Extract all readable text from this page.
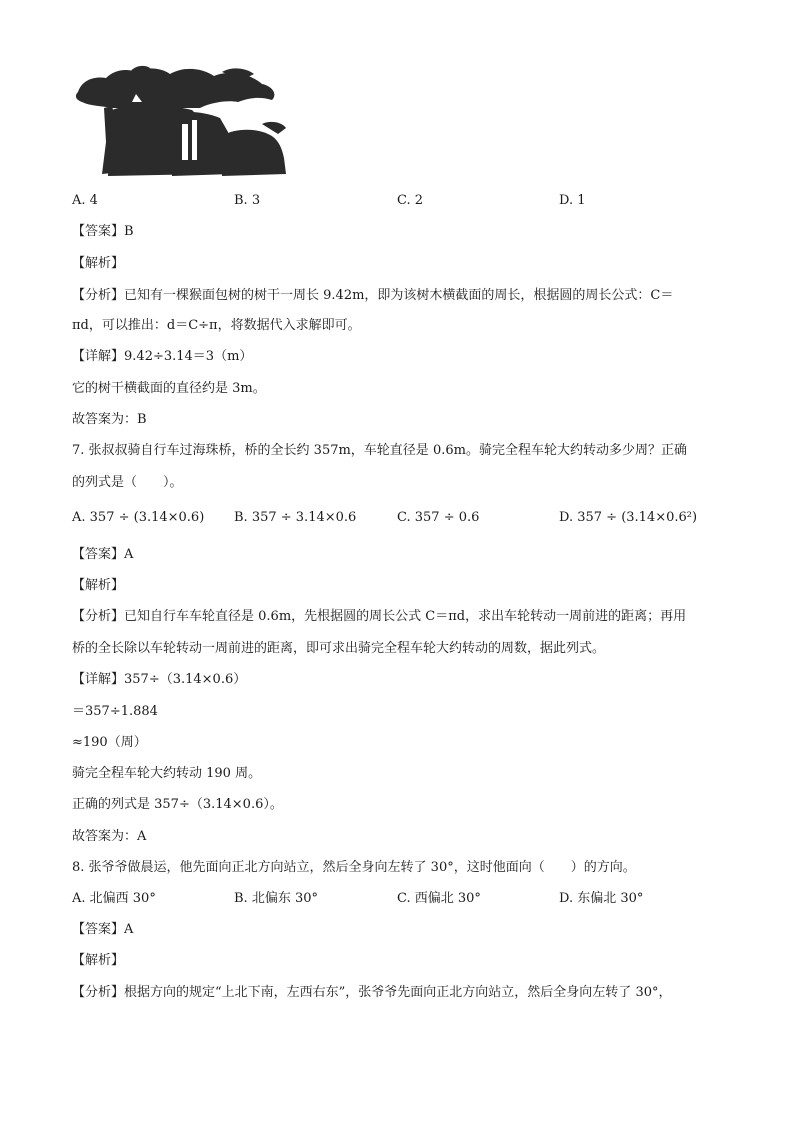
A. 4	B. 3	C. 2	D. 1

【答案】B

【解析】

【分析】已知有一棵猴面包树的树干一周长 9.42m，即为该树木横截面的周长，根据圆的周长公式：C＝

πd，可以推出：d＝C÷π，将数据代入求解即可。

【详解】9.42÷3.14＝3（m）

它的树干横截面的直径约是 3m。

故答案为：B

7. 张叔叔骑自行车过海珠桥，桥的全长约 357m，车轮直径是 0.6m。骑完全程车轮大约转动多少周？正确

的列式是（　　）。

A. 357 ÷ (3.14×0.6) B. 357 ÷ 3.14×0.6	C. 357 ÷ 0.6	D. 357 ÷ (3.14×0.6²)

【答案】A

【解析】

【分析】已知自行车车轮直径是 0.6m，先根据圆的周长公式 C＝πd，求出车轮转动一周前进的距离；再用

桥的全长除以车轮转动一周前进的距离，即可求出骑完全程车轮大约转动的周数，据此列式。

【详解】357÷（3.14×0.6）

＝357÷1.884

≈190（周）

骑完全程车轮大约转动 190 周。

正确的列式是 357÷（3.14×0.6）。

故答案为：A

8. 张爷爷做晨运，他先面向正北方向站立，然后全身向左转了 30°，这时他面向（　　）的方向。

A. 北偏西 30°	B. 北偏东 30°	C. 西偏北 30°	D. 东偏北 30°

【答案】A

【解析】

【分析】根据方向的规定“上北下南，左西右东”，张爷爷先面向正北方向站立，然后全身向左转了 30°，
